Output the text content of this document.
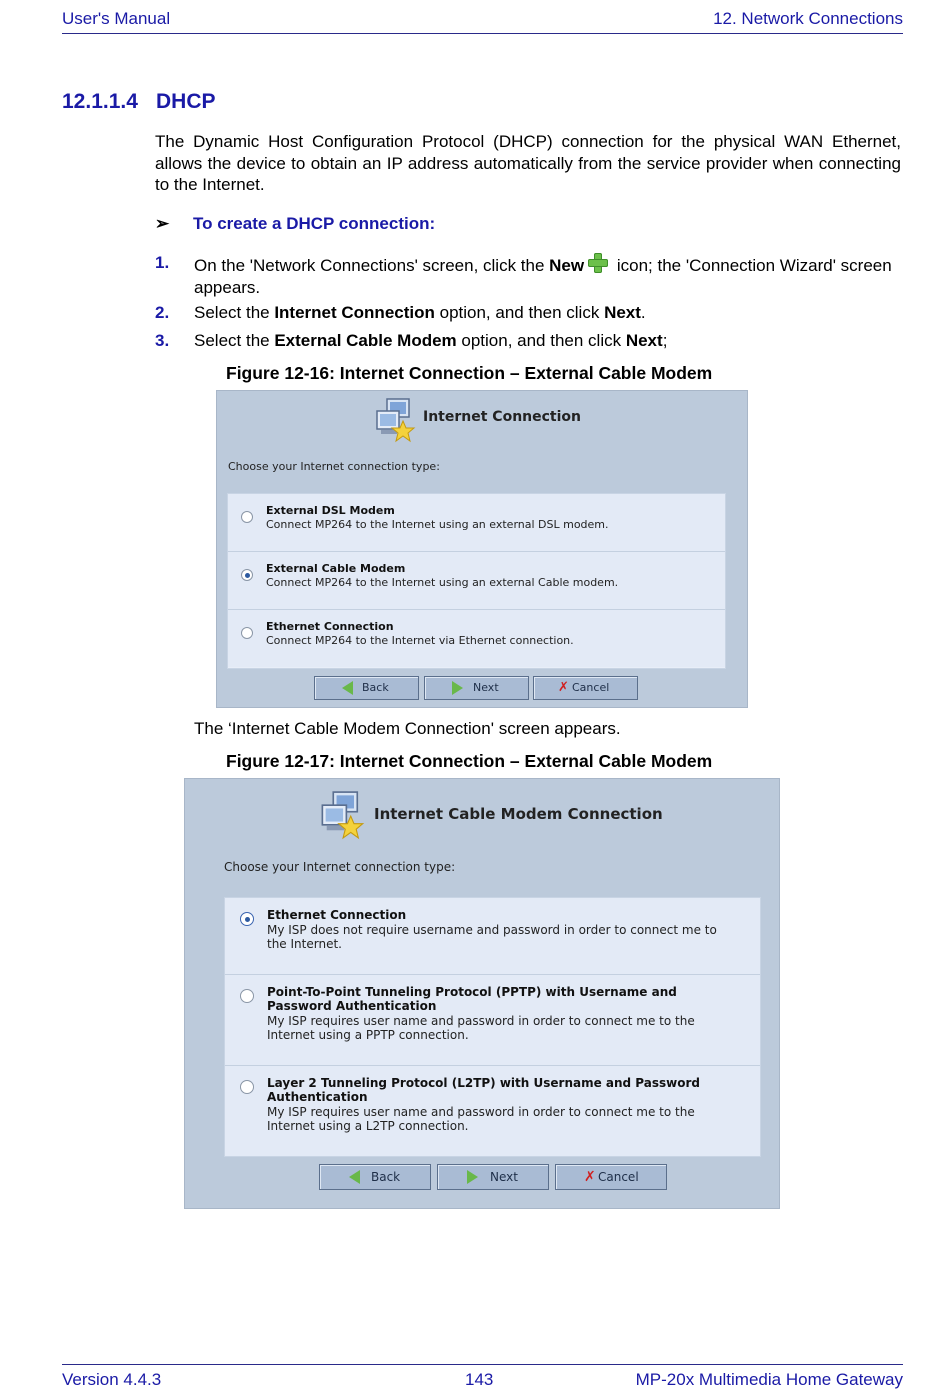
User's Manual	12. Network Connections
12.1.1.4 DHCP
The Dynamic Host Configuration Protocol (DHCP) connection for the physical WAN Ethernet, allows the device to obtain an IP address automatically from the service provider when connecting to the Internet.
➢ To create a DHCP connection:
1. On the 'Network Connections' screen, click the New icon; the 'Connection Wizard' screen appears.
2. Select the Internet Connection option, and then click Next.
3. Select the External Cable Modem option, and then click Next;
Figure 12-16: Internet Connection – External Cable Modem
Internet Connection
Choose your Internet connection type:
External DSL Modem
Connect MP264 to the Internet using an external DSL modem.
External Cable Modem
Connect MP264 to the Internet using an external Cable modem.
Ethernet Connection
Connect MP264 to the Internet via Ethernet connection.
Back	Next	✗ Cancel
The ‘Internet Cable Modem Connection' screen appears.
Figure 12-17: Internet Connection – External Cable Modem
Internet Cable Modem Connection
Choose your Internet connection type:
Ethernet Connection
My ISP does not require username and password in order to connect me to
the Internet.
Point-To-Point Tunneling Protocol (PPTP) with Username and
Password Authentication
My ISP requires user name and password in order to connect me to the
Internet using a PPTP connection.
Layer 2 Tunneling Protocol (L2TP) with Username and Password
Authentication
My ISP requires user name and password in order to connect me to the
Internet using a L2TP connection.
Back	Next	✗ Cancel
Version 4.4.3	143	MP-20x Multimedia Home Gateway
